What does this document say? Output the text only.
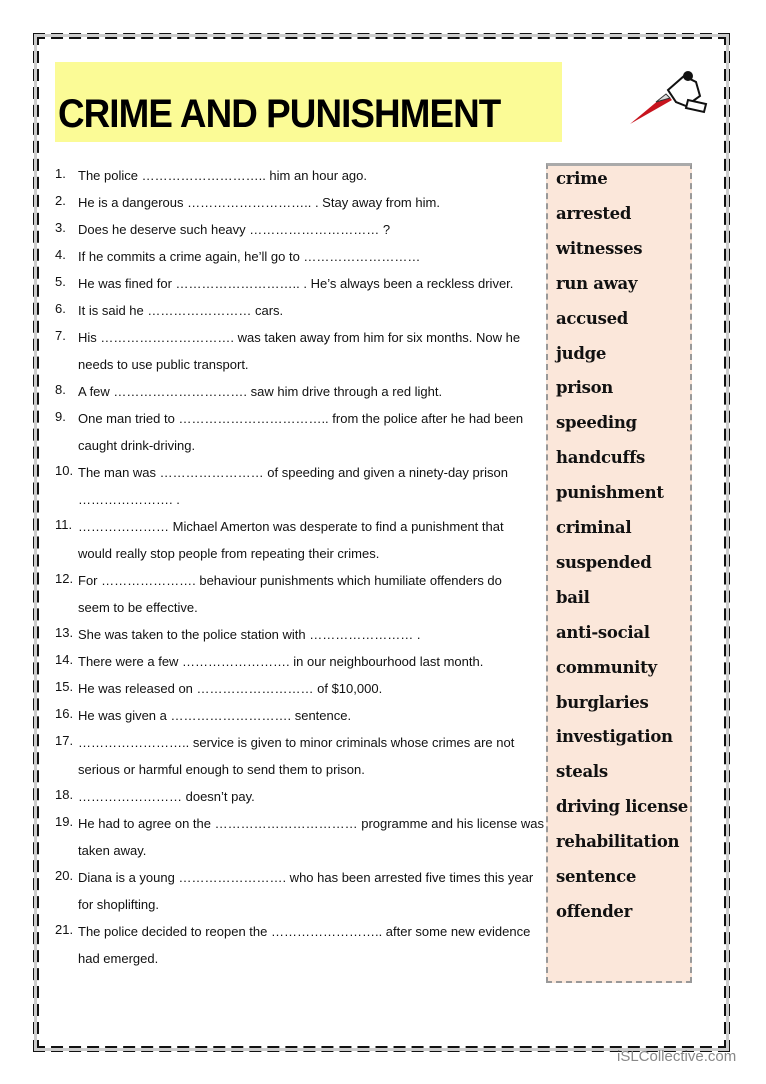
CRIME AND PUNISHMENT
1. The police ……………………….. him an hour ago.
2. He is a dangerous ……………………….. . Stay away from him.
3. Does he deserve such heavy ………………………… ?
4. If he commits a crime again, he’ll go to ………………………
5. He was fined for ……………………….. . He’s always been a reckless driver.
6. It is said he …………………… cars.
7. His …………………………. was taken away from him for six months. Now he
needs to use public transport.
8. A few …………………………. saw him drive through a red light.
9. One man tried to …………………………….. from the police after he had been
caught drink-driving.
10. The man was …………………… of speeding and given a ninety-day prison
…………………. .
11. ………………… Michael Amerton was desperate to find a punishment that
would really stop people from repeating their crimes.
12. For …………………. behaviour punishments which humiliate offenders do
seem to be effective.
13. She was taken to the police station with …………………… .
14. There were a few ……………………. in our neighbourhood last month.
15. He was released on ……………………… of $10,000.
16. He was given a ………………………. sentence.
17. …………………….. service is given to minor criminals whose crimes are not
serious or harmful enough to send them to prison.
18. …………………… doesn’t pay.
19. He had to agree on the …………………………… programme and his license was
taken away.
20. Diana is a young ……………………. who has been arrested five times this year
for shoplifting.
21. The police decided to reopen the …………………….. after some new evidence
had emerged.
crime
arrested
witnesses
run away
accused
judge
prison
speeding
handcuffs
punishment
criminal
suspended
bail
anti-social
community
burglaries
investigation
steals
driving license
rehabilitation
sentence
offender
iSLCollective.com
